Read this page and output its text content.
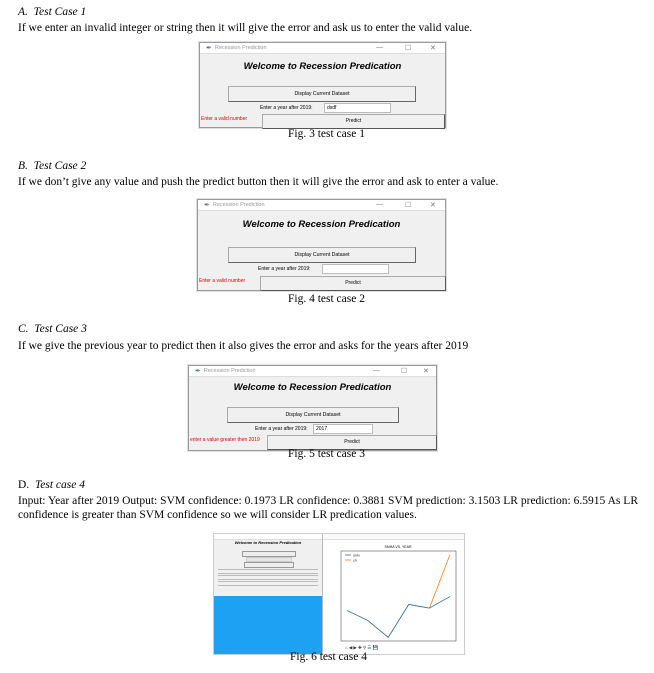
A. Test Case 1
If we enter an invalid integer or string then it will give the error and ask us to enter the valid value.
✒ Recession Prediction	—	☐	✕
Welcome to Recession Predication
Display Current Dataset
Enter a year after 2019:	dsdf
Enter a valid number	Predict
Fig. 3 test case 1
B. Test Case 2
If we don’t give any value and push the predict button then it will give the error and ask to enter a value.
✒ Recession Prediction	—	☐	✕
Welcome to Recession Predication
Display Current Dataset
Enter a year after 2019:
Enter a valid number	Predict
Fig. 4 test case 2
C. Test Case 3
If we give the previous year to predict then it also gives the error and asks for the years after 2019
✒ Recession Prediction	—	☐ ✕
Welcome to Recession Predication
Display Current Dataset
Enter a year after 2019:	2017
enter a value greater then 2019	Predict
Fig. 5 test case 3
D. Test case 4
Input: Year after 2019 Output: SVM confidence: 0.1973 LR confidence: 0.3881 SVM prediction: 3.1503 LR prediction: 6.5915 As LR confidence is greater than SVM confidence so we will consider LR predication values.
Welcome to Recession Predication
SMHA VS. YEAR
SVM
LR
⌂ ◀ ▶ ✚ ⚲ ☰ 💾
Fig. 6 test case 4
